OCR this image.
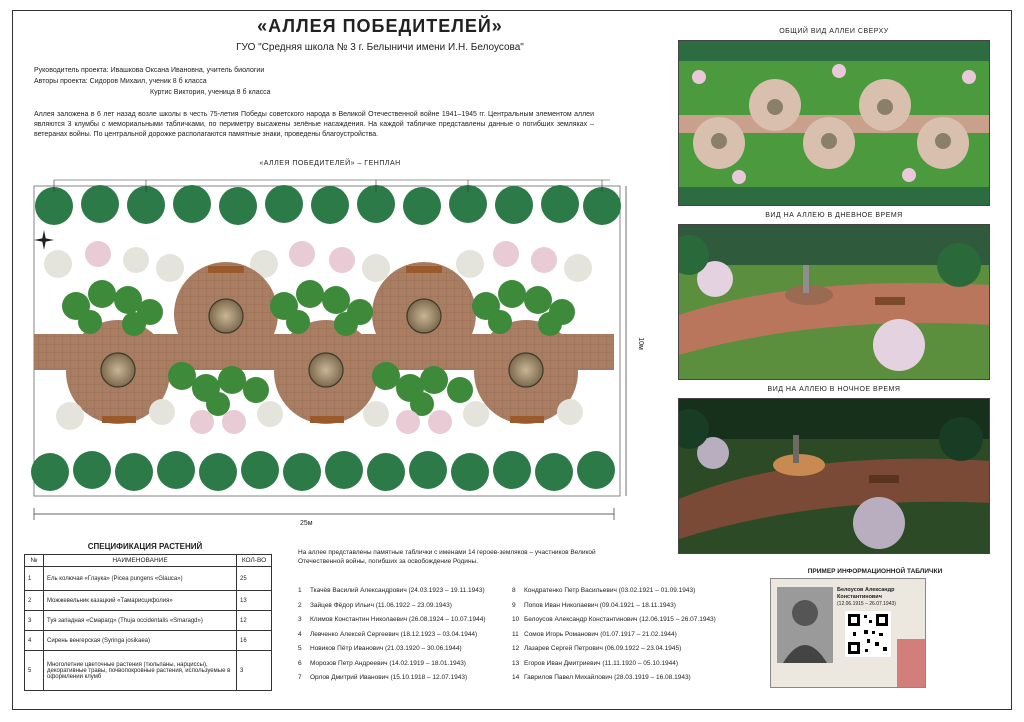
«АЛЛЕЯ ПОБЕДИТЕЛЕЙ»
ГУО "Средняя школа № 3 г. Белыничи имени И.Н. Белоусова"
Руководитель проекта: Ивашкова Оксана Ивановна, учитель биологии
Авторы проекта: Сидоров Михаил, ученик 8 б класса
Куртис Виктория, ученица 8 б класса
Аллея заложена в 6 лет назад возле школы в честь 75-летия Победы советского народа в Великой Отечественной войне 1941–1945 гг. Центральным элементом аллеи являются 3 клумбы с мемориальными табличками, по периметру высажены зелёные насаждения. На каждой табличке представлены данные о погибших земляках – ветеранах войны. По центральной дорожке располагаются памятные знаки, проведены благоустройства.
«АЛЛЕЯ ПОБЕДИТЕЛЕЙ» – ГЕНПЛАН
25м
10м
ОБЩИЙ ВИД АЛЛЕИ СВЕРХУ
ВИД НА АЛЛЕЮ В ДНЕВНОЕ ВРЕМЯ
ВИД НА АЛЛЕЮ В НОЧНОЕ ВРЕМЯ
СПЕЦИФИКАЦИЯ РАСТЕНИЙ
№	НАИМЕНОВАНИЕ	КОЛ-ВО
1	Ель колючая «Глаука» (Picea pungens «Glauca»)	25
2	Можжевельник казацкий «Тамарисцифолия»	13
3	Туя западная «Смарагд» (Thuja occidentalis «Smaragd»)	12
4	Сирень венгерская (Syringa josikaea)	16
5	Многолетние цветочные растения (тюльпаны, нарциссы), декоративные травы, почвопокровные растения, используемые в оформлении клумб	3
На аллее представлены памятные таблички с именами 14 героев-земляков – участников Великой Отечественной войны, погибших за освобождение Родины.
1 Ткачёв Василий Александрович (24.03.1923 – 19.11.1943)
2 Зайцев Фёдор Ильич (11.06.1922 – 23.09.1943)
3 Климов Константин Николаевич (26.08.1924 – 10.07.1944)
4 Левченко Алексей Сергеевич (18.12.1923 – 03.04.1944)
5 Новиков Пётр Иванович (21.03.1920 – 30.06.1944)
6 Морозов Петр Андреевич (14.02.1919 – 18.01.1943)
7 Орлов Дмитрий Иванович (15.10.1918 – 12.07.1943)
8 Кондратенко Петр Васильевич (03.02.1921 – 01.09.1943)
9 Попов Иван Николаевич (09.04.1921 – 18.11.1943)
10 Белоусов Александр Константинович (12.06.1915 – 26.07.1943)
11 Сомов Игорь Романович (01.07.1917 – 21.02.1944)
12 Лазарев Сергей Петрович (06.09.1922 – 23.04.1945)
13 Егоров Иван Дмитриевич (11.11.1920 – 05.10.1944)
14 Гаврилов Павел Михайлович (28.03.1919 – 16.08.1943)
ПРИМЕР ИНФОРМАЦИОННОЙ ТАБЛИЧКИ
Белоусов Александр Константинович
(12.06.1915 – 26.07.1943)
